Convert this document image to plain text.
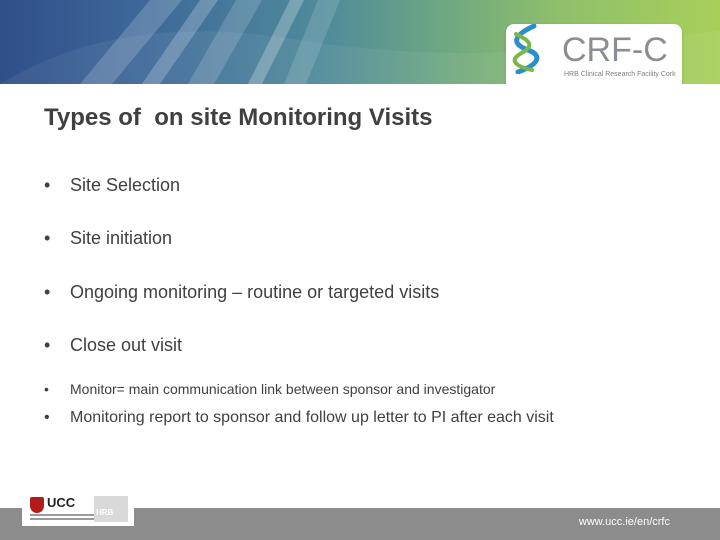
CRF-C
HRB Clinical Research Facility Cork
Types of  on site Monitoring Visits
• Site Selection
• Site initiation
• Ongoing monitoring – routine or targeted visits
• Close out visit
• Monitor= main communication link between sponsor and investigator
• Monitoring report to sponsor and follow up letter to PI after each visit
www.ucc.ie/en/crfc
UCC
HRB
